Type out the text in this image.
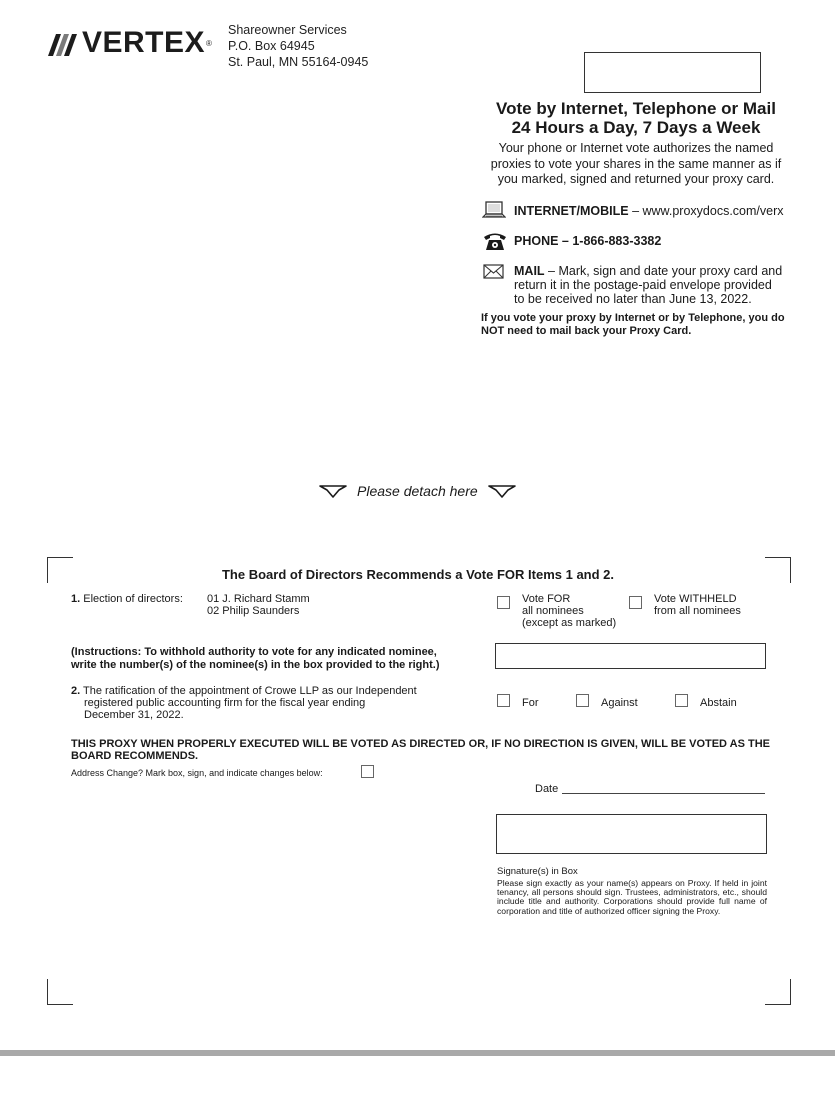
VERTEX ®
Shareowner Services
P.O. Box 64945
St. Paul, MN 55164-0945
Vote by Internet, Telephone or Mail
24 Hours a Day, 7 Days a Week
Your phone or Internet vote authorizes the named proxies to vote your shares in the same manner as if you marked, signed and returned your proxy card.
INTERNET/MOBILE – www.proxydocs.com/verx
PHONE – 1-866-883-3382
MAIL – Mark, sign and date your proxy card and
return it in the postage-paid envelope provided
to be received no later than June 13, 2022.
If you vote your proxy by Internet or by Telephone, you do NOT need to mail back your Proxy Card.
Please detach here
The Board of Directors Recommends a Vote FOR Items 1 and 2.
1. Election of directors: 01 J. Richard Stamm
02 Philip Saunders
Vote FOR
all nominees
(except as marked)
Vote WITHHELD
from all nominees
(Instructions: To withhold authority to vote for any indicated nominee,
write the number(s) of the nominee(s) in the box provided to the right.)
2. The ratification of the appointment of Crowe LLP as our Independent
registered public accounting firm for the fiscal year ending
December 31, 2022.
For	Against	Abstain
THIS PROXY WHEN PROPERLY EXECUTED WILL BE VOTED AS DIRECTED OR, IF NO DIRECTION IS GIVEN, WILL BE VOTED AS THE
BOARD RECOMMENDS.
Address Change? Mark box, sign, and indicate changes below:
Date
Signature(s) in Box
Please sign exactly as your name(s) appears on Proxy. If held in joint tenancy, all persons should sign. Trustees, administrators, etc., should include title and authority. Corporations should provide full name of corporation and title of authorized officer signing the Proxy.
